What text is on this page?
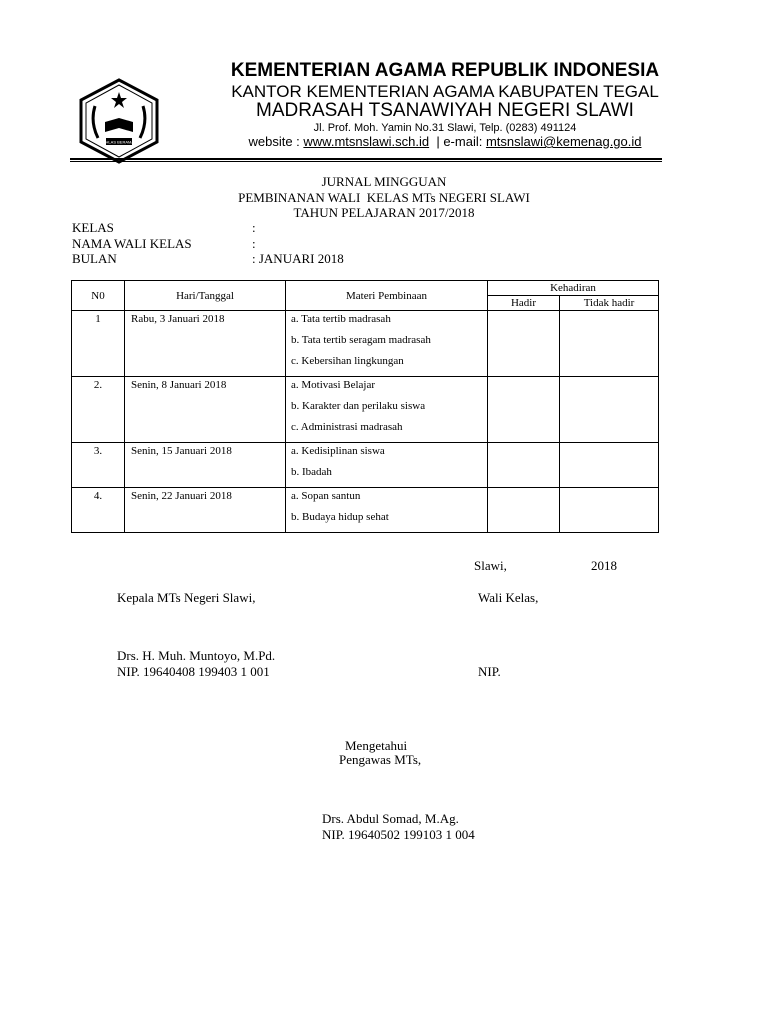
IKHLAS BERAMAL
KEMENTERIAN AGAMA REPUBLIK INDONESIA
KANTOR KEMENTERIAN AGAMA KABUPATEN TEGAL
MADRASAH TSANAWIYAH NEGERI SLAWI
Jl. Prof. Moh. Yamin No.31 Slawi, Telp. (0283) 491124
website : www.mtsnslawi.sch.id  | e-mail: mtsnslawi@kemenag.go.id
JURNAL MINGGUAN
PEMBINANAN WALI  KELAS MTs NEGERI SLAWI
TAHUN PELAJARAN 2017/2018
KELAS	:
NAMA WALI KELAS	:
BULAN	: JANUARI 2018
N0	Hari/Tanggal	Materi Pembinaan	Kehadiran	
			Hadir	Tidak hadir
1	Rabu, 3 Januari 2018	a. Tata tertib madrasah
b. Tata tertib seragam madrasah
c. Kebersihan lingkungan		

2.	Senin, 8 Januari 2018	a. Motivasi Belajar
b. Karakter dan perilaku siswa
c. Administrasi madrasah		

3.	Senin, 15 Januari 2018	a. Kedisiplinan siswa
b. Ibadah		

4.	Senin, 22 Januari 2018	a. Sopan santun
b. Budaya hidup sehat		

Slawi,	2018
Kepala MTs Negeri Slawi,	Wali Kelas,
Drs. H. Muh. Muntoyo, M.Pd.
NIP. 19640408 199403 1 001	NIP.
Mengetahui
Pengawas MTs,
Drs. Abdul Somad, M.Ag.
NIP. 19640502 199103 1 004
